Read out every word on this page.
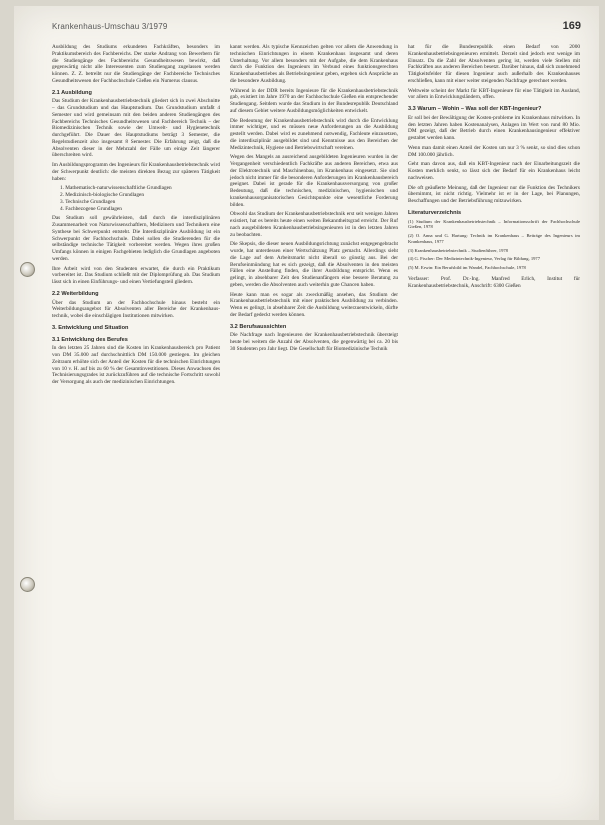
Krankenhaus-Umschau 3/1979	169

Ausbildung des Studiums erkundeten Fachkräften, besonders im Praktikumsbereich des Fachbereichs. Der starke Andrang von Bewerbern für die Studiengänge des Fachbereichs Gesundheitswesen bewirkt, daß gegenwärtig nicht alle Interessenten zum Studiengang zugelassen werden können. Z. Z. betreibt nur die Studiengänge der Fachbereiche Technisches Gesundheitswesen der Fachhochschule Gießen ein Numerus clausus.

2.1 Ausbildung

Das Studium der Krankenhausbetriebstechnik gliedert sich in zwei Abschnitte – das Grundstudium und das Hauptstudium. Das Grundstudium umfaßt 4 Semester und wird gemeinsam mit den beiden anderen Studiengängen des Fachbereichs Technisches Gesundheitswesen und Fachbereich Technik – der Biomedizinischen Technik sowie der Umwelt- und Hygienetechnik durchgeführt. Die Dauer des Hauptstudiums beträgt 3 Semester, die Regelstudienzeit also insgesamt 8 Semester. Die Erfahrung zeigt, daß die Absolventen dieser in der Mehrzahl der Fälle um einige Zeit längerer überschreiten wird.

Im Ausbildungsprogramm des Ingenieurs für Krankenhausbetriebstechnik wird der Schwerpunkt deutlich: die meisten direkten Bezug zur späteren Tätigkeit haben:

1. Mathematisch-naturwissenschaftliche Grundlagen
2. Medizinisch-biologische Grundlagen
3. Technische Grundlagen
4. Fachbezogene Grundlagen

Das Studium soll gewährleisten, daß durch die interdisziplinären Zusammenarbeit von Naturwissenschaftlern, Medizinern und Technikern eine Synthese bei Schwerpunkt entsteht. Die Interdisziplinäre Ausbildung ist ein Schwerpunkt der Fachhochschule. Dabei sollen die Studierenden für die selbständige technische Tätigkeit vorbereitet werden. Wegen ihres großen Umfangs können in einigen Fachgebieten lediglich die Grundlagen angeboten werden.

Ihre Arbeit wird von den Studenten erwartet, die durch ein Praktikum vorbereitet ist. Das Studium schließt mit der Diplomprüfung ab. Das Studium lässt sich in einen Einführungs- und einen Vertiefungsteil gliedern.

2.2 Weiterbildung

Über das Studium an der Fachhochschule hinaus besteht ein Weiterbildungsangebot für Absolventen aller Bereiche der Krankenhaus-technik, wobei die einschlägigen Institutionen mitwirken.

3. Entwicklung und Situation
3.1 Entwicklung des Berufes

In den letzten 25 Jahren sind die Kosten im Krankenhausbereich pro Patient von DM 35.000 auf durchschnittlich DM 150.000 gestiegen. Im gleichen Zeitraum erhöhte sich der Anteil der Kosten für die technischen Einrichtungen von 10 v. H. auf bis zu 60 % der Gesamtinvestitionen. Dieses Anwachsen des Technisierungsgrades ist zurückzuführen auf die technische Fortschritt sowohl der Versorgung als auch der medizinischen Einrichtungen.

kannt werden. Als typische Kennzeichen gelten vor allem die Anwendung in technischen Einrichtungen in einem Krankenhaus insgesamt und deren Unterhaltung. Vor allem besonders mit der Aufgabe, die dem Krankenhaus durch die Funktion des Ingenieurs im Verbund eines funktionsgerechten Krankenhausbetriebes als Betriebsingenieur geben, ergeben sich Ansprüche an die besondere Ausbildung.

Während in der DDR bereits Ingenieure für die Krankenhausbetriebstechnik gab, existiert im Jahre 1970 an der Fachhochschule Gießen ein entsprechender Studiengang. Seitdem wurde das Studium in der Bundesrepublik Deutschland auf diesem Gebiet weitere Ausbildungsmöglichkeiten entwickelt.

Die Bedeutung der Krankenhausbetriebstechnik wird durch die Entwicklung immer wichtiger, und es müssen neue Anforderungen an die Ausbildung gestellt werden. Dabei wird es zunehmend notwendig, Fachleute einzusetzen, die interdisziplinär ausgebildet sind und Kenntnisse aus den Bereichen der Medizintechnik, Hygiene und Betriebswirtschaft vereinen.

Wegen des Mangels an ausreichend ausgebildeten Ingenieuren wurden in der Vergangenheit verschiedentlich Fachkräfte aus anderen Bereichen, etwa aus der Elektrotechnik und Maschinenbau, im Krankenhaus eingesetzt. Sie sind jedoch nicht immer für die besonderen Anforderungen im Krankenhausbereich geeignet. Dabei ist gerade für die Krankenhausversorgung von großer Bedeutung, daß die technischen, medizinischen, hygienischen und krankenhausorganisatorischen Gesichtspunkte eine wesentliche Forderung bilden.

Obwohl das Studium der Krankenhausbetriebstechnik erst seit wenigen Jahren existiert, hat es bereits heute einen weiten Bekanntheitsgrad erreicht. Der Ruf nach ausgebildeten Krankenhausbetriebsingenieuren ist in den letzten Jahren zu beobachten.

Die Skepsis, die dieser neuen Ausbildungsrichtung zunächst entgegengebracht wurde, hat unterdessen einer Wertschätzung Platz gemacht. Allerdings sieht die Lage auf dem Arbeitsmarkt nicht überall so günstig aus. Bei der Berufseinmündung hat es sich gezeigt, daß die Absolventen in den meisten Fällen eine Anstellung finden, die ihrer Ausbildung entspricht. Wenn es gelingt, in absehbarer Zeit den Studienanfängern eine bessere Beratung zu geben, werden die Absolventen auch weiterhin gute Chancen haben.

Heute kann man es sogar als zweckmäßig ansehen, das Studium der Krankenhausbetriebstechnik mit einer praktischen Ausbildung zu verbinden. Wenn es gelingt, in absehbarer Zeit die Ausbildung weiterzuentwickeln, dürfte der Bedarf gedeckt werden können.

3.2 Berufsaussichten

Die Nachfrage nach Ingenieuren der Krankenhausbetriebstechnik übersteigt heute bei weitem die Anzahl der Absolventen, die gegenwärtig bei ca. 20 bis 30 Studenten pro Jahr liegt. Die Gesellschaft für Biomedizinische Technik

hat für die Bundesrepublik einen Bedarf von 2000 Krankenhausbetriebsingenieuren ermittelt. Derzeit sind jedoch erst wenige im Einsatz. Da die Zahl der Absolventen gering ist, werden viele Stellen mit Fachkräften aus anderen Bereichen besetzt. Darüber hinaus, daß sich zunehmend Tätigkeitsfelder für diesen Ingenieur auch außerhalb des Krankenhauses erschließen, kann mit einer weiter steigenden Nachfrage gerechnet werden.

Weltweite scheint der Markt für KBT-Ingenieure für eine Tätigkeit im Ausland, vor allem in Entwicklungsländern, offen.

3.3 Warum – Wohin – Was soll der KBT-Ingenieur?

Er soll bei der Bewältigung der Kosten-probleme im Krankenhaus mitwirken. In den letzten Jahren haben Kostenanalysen, Anlagen im Wert von rund 80 Mio. DM gezeigt, daß der Betrieb durch einen Krankenhausingenieur effektiver gestaltet werden kann.

Wenn man damit einen Anteil der Kosten um nur 3 % senkt, so sind dies schon DM 100.000 jährlich.

Geht man davon aus, daß ein KBT-Ingenieur nach der Einarbeitungszeit die Kosten merklich senkt, so lässt sich der Bedarf für ein Krankenhaus leicht nachweisen.

Die oft geäußerte Meinung, daß der Ingenieur nur die Funktion des Technikers übernimmt, ist nicht richtig. Vielmehr ist er in der Lage, bei Planungen, Beschaffungen und der Betriebsführung mitzuwirken.

Literaturverzeichnis

(1) Studium der Krankenhausbetriebstechnik – Informationsschrift der Fachhochschule Gießen, 1978

(2) O. Anna und G. Hartung: Technik im Krankenhaus – Beiträge des Ingenieurs im Krankenhaus, 1977

(3) Krankenhausbetriebstechnik – Studienführer, 1978

(4) G. Fischer: Der Medizintechnik-Ingenieur, Verlag für Bildung, 1977

(5) M. Erwin: Ein Berufsbild im Wandel, Fachhochschule, 1978

Verfasser: Prof. Dr.-Ing. Manfred Erlich, Institut für Krankenhausbetriebstechnik, Anschrift: 6300 Gießen
